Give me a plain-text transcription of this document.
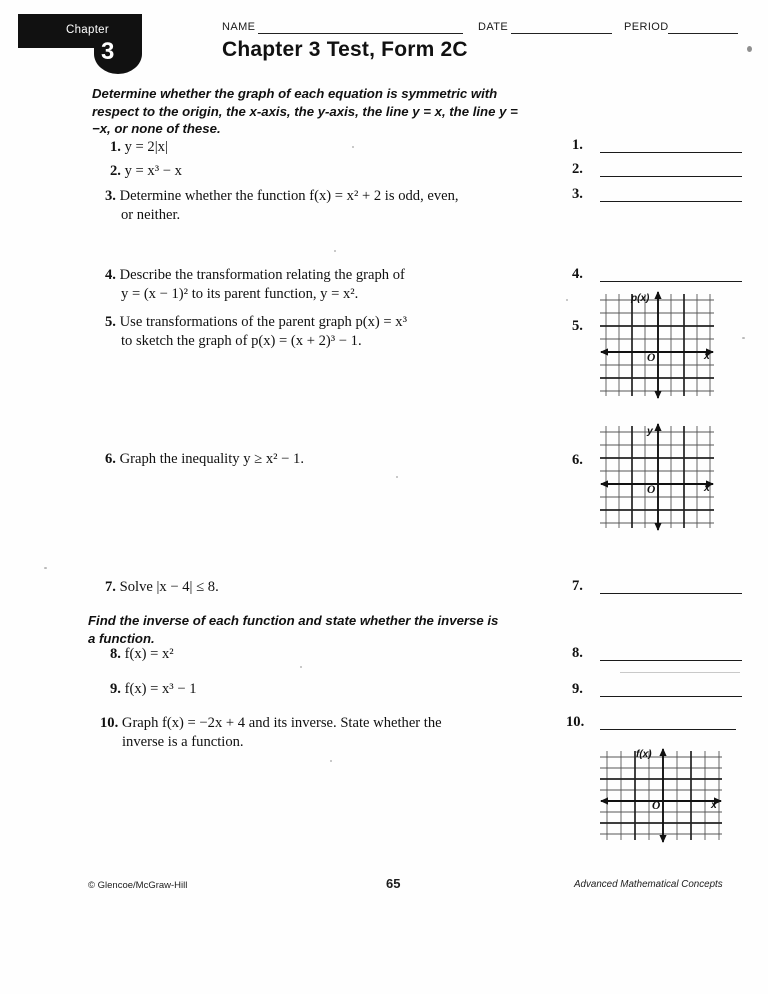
Chapter
3
NAME	DATE	PERIOD
Chapter 3 Test, Form 2C
Determine whether the graph of each equation is symmetric with respect to the origin, the x-axis, the y-axis, the line y = x, the line y = −x, or none of these.
1. y = 2|x|
2. y = x³ − x
3. Determine whether the function f(x) = x² + 2 is odd, even,
or neither.
4. Describe the transformation relating the graph of
y = (x − 1)² to its parent function, y = x².
5. Use transformations of the parent graph p(x) = x³
to sketch the graph of p(x) = (x + 2)³ − 1.
6. Graph the inequality y ≥ x² − 1.
7. Solve |x − 4| ≤ 8.
Find the inverse of each function and state whether the inverse is a function.
8. f(x) = x²
9. f(x) = x³ − 1
10. Graph f(x) = −2x + 4 and its inverse. State whether the
inverse is a function.
1.
2.
3.
4.
5.
6.
7.
8.
9.
10.
p(x)
x
O
y
x
O
f(x)
x
O
© Glencoe/McGraw-Hill	65	Advanced Mathematical Concepts
